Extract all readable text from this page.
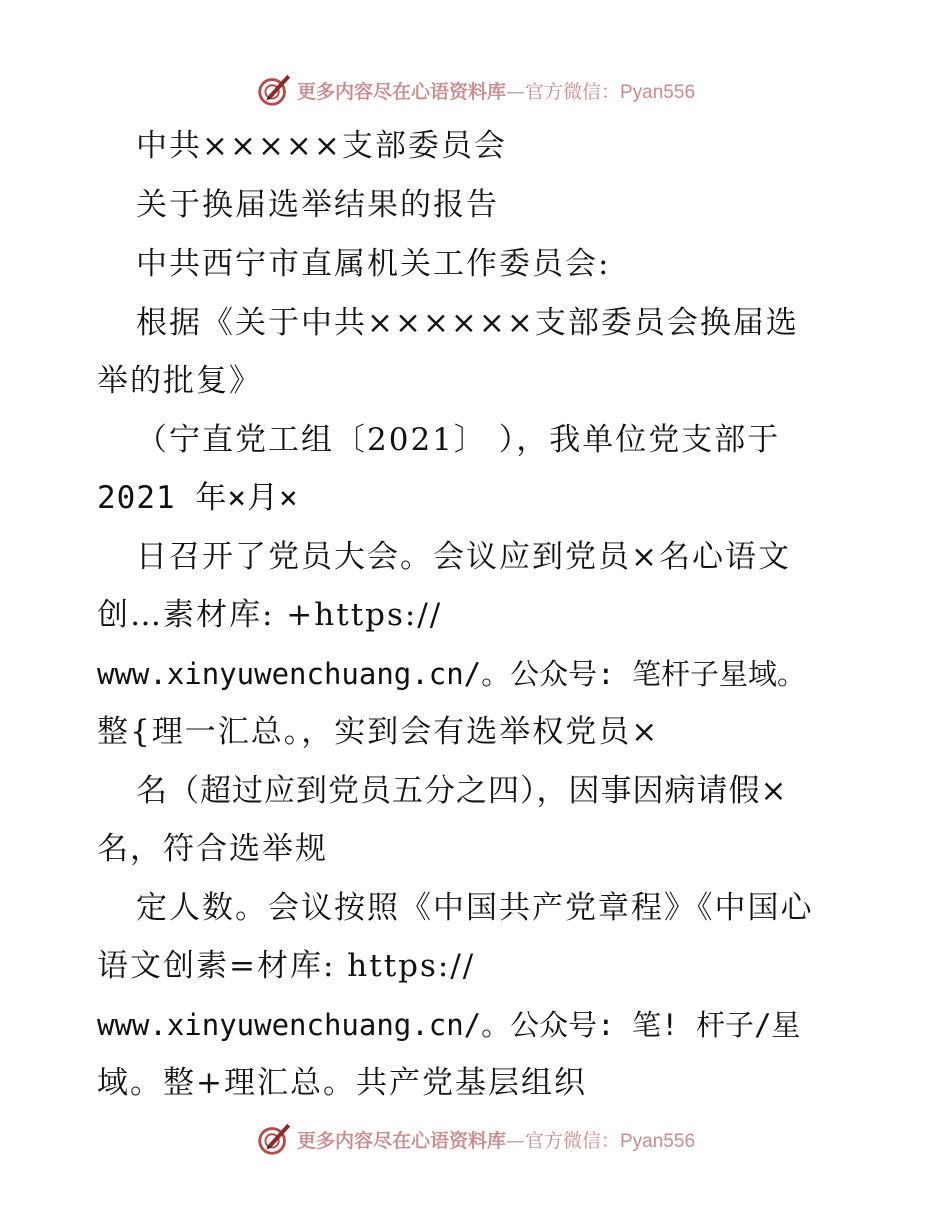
更多内容尽在心语资料库—官方微信：Pyan556
中共×××××支部委员会
关于换届选举结果的报告
中共西宁市直属机关工作委员会:
根据《关于中共××××××支部委员会换届选
举的批复》
（宁直党工组〔2021〕 ），我单位党支部于
2021 年×月×
日召开了党员大会。会议应到党员×名心语文
创…素材库: +https://
www.xinyuwenchuang.cn/。公众号: 笔杆子星域。
整{理一汇总。，实到会有选举权党员×
名（超过应到党员五分之四），因事因病请假×
名，符合选举规
定人数。会议按照《中国共产党章程》《中国心
语文创素=材库: https://
www.xinyuwenchuang.cn/。公众号: 笔! 杆子/星
域。整+理汇总。共产党基层组织
更多内容尽在心语资料库—官方微信：Pyan556
